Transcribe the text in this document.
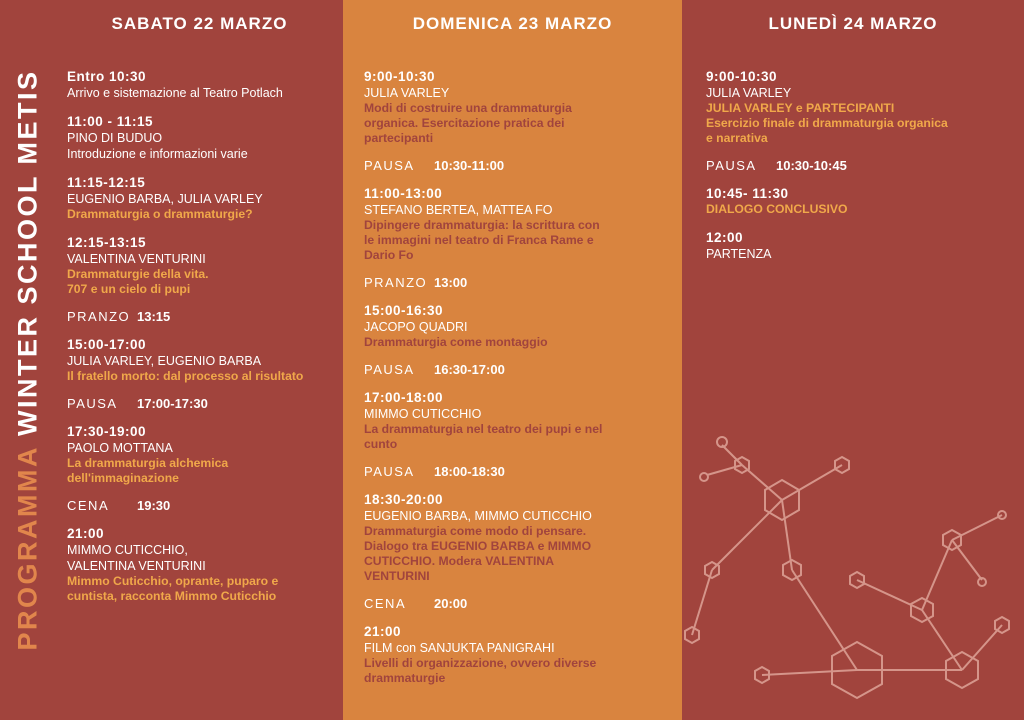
PROGRAMMA WINTER SCHOOL METIS
SABATO 22 MARZO
Entro 10:30
Arrivo e sistemazione al Teatro Potlach
11:00 - 11:15
PINO DI BUDUO
Introduzione e informazioni varie
11:15-12:15
EUGENIO BARBA, JULIA VARLEY
Drammaturgia o drammaturgie?
12:15-13:15
VALENTINA VENTURINI
Drammaturgie della vita.
707 e un cielo di pupi
PRANZO 13:15
15:00-17:00
JULIA VARLEY, EUGENIO BARBA
Il fratello morto: dal processo al risultato
PAUSA	17:00-17:30
17:30-19:00
PAOLO MOTTANA
La drammaturgia alchemica
dell'immaginazione
CENA	19:30
21:00
MIMMO CUTICCHIO,
VALENTINA VENTURINI
Mimmo Cuticchio, oprante, puparo e
cuntista, racconta Mimmo Cuticchio
DOMENICA 23 MARZO
9:00-10:30
JULIA VARLEY
Modi di costruire una drammaturgia
organica. Esercitazione pratica dei
partecipanti
PAUSA	10:30-11:00
11:00-13:00
STEFANO BERTEA, MATTEA FO
Dipingere drammaturgia: la scrittura con
le immagini nel teatro di Franca Rame e
Dario Fo
PRANZO 13:00
15:00-16:30
JACOPO QUADRI
Drammaturgia come montaggio
PAUSA	16:30-17:00
17:00-18:00
MIMMO CUTICCHIO
La drammaturgia nel teatro dei pupi e nel
cunto
PAUSA	18:00-18:30
18:30-20:00
EUGENIO BARBA, MIMMO CUTICCHIO
Drammaturgia come modo di pensare.
Dialogo tra EUGENIO BARBA e MIMMO
CUTICCHIO. Modera VALENTINA
VENTURINI
CENA	20:00
21:00
FILM con SANJUKTA PANIGRAHI
Livelli di organizzazione, ovvero diverse
drammaturgie
LUNEDÌ 24 MARZO
9:00-10:30
JULIA VARLEY
JULIA VARLEY e PARTECIPANTI
Esercizio finale di drammaturgia organica
e narrativa
PAUSA	10:30-10:45
10:45- 11:30
DIALOGO CONCLUSIVO
12:00
PARTENZA
